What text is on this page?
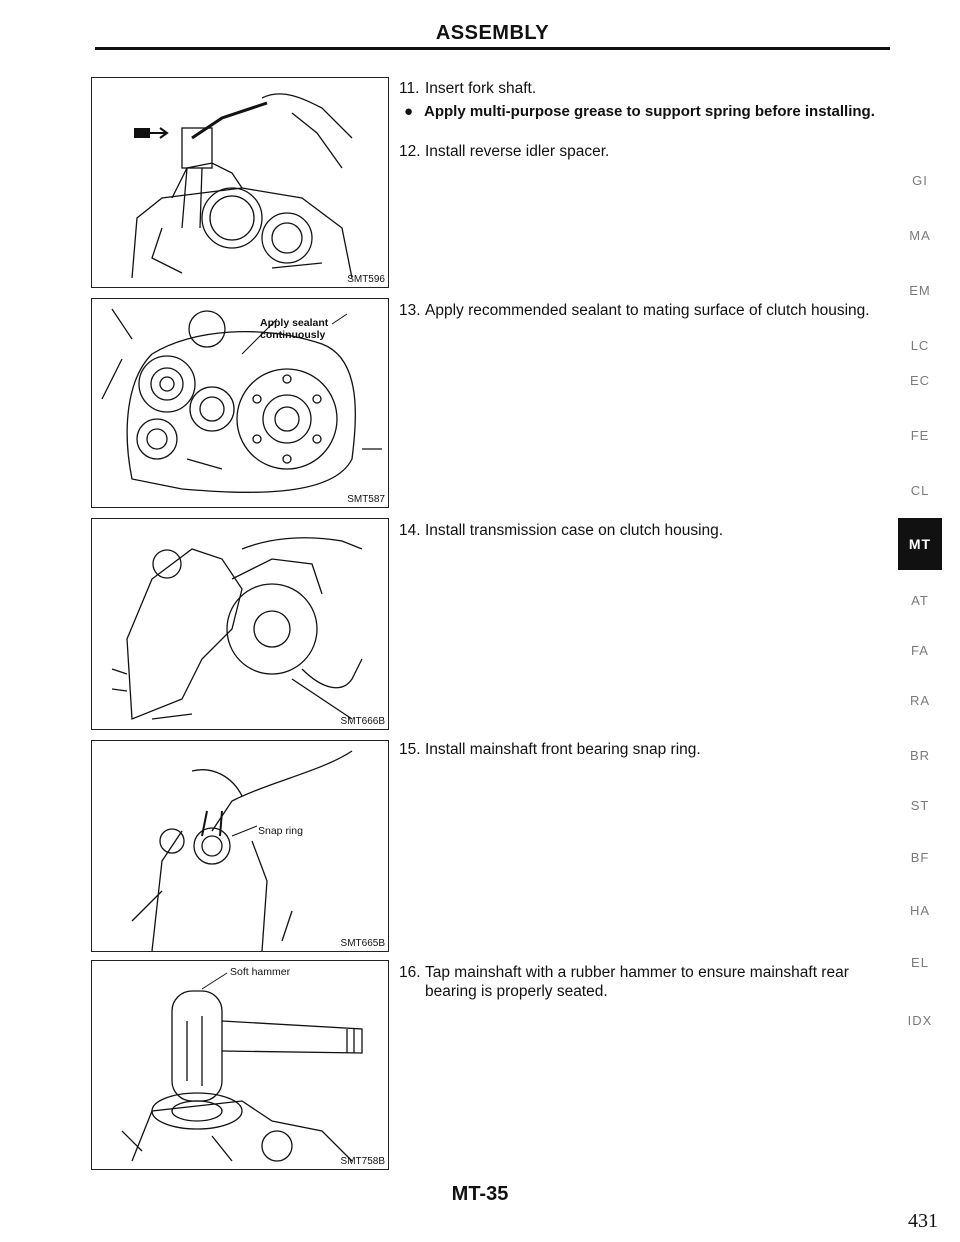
ASSEMBLY
SMT596
Apply sealant
continuously
SMT587
SMT666B
Snap ring
SMT665B
Soft hammer
SMT758B
11. Insert fork shaft.
● Apply multi-purpose grease to support spring before installing.
12. Install reverse idler spacer.
13. Apply recommended sealant to mating surface of clutch housing.
14. Install transmission case on clutch housing.
15. Install mainshaft front bearing snap ring.
16. Tap mainshaft with a rubber hammer to ensure mainshaft rear bearing is properly seated.
GI
MA
EM
LC
EC
FE
CL
MT
AT
FA
RA
BR
ST
BF
HA
EL
IDX
MT-35
431
